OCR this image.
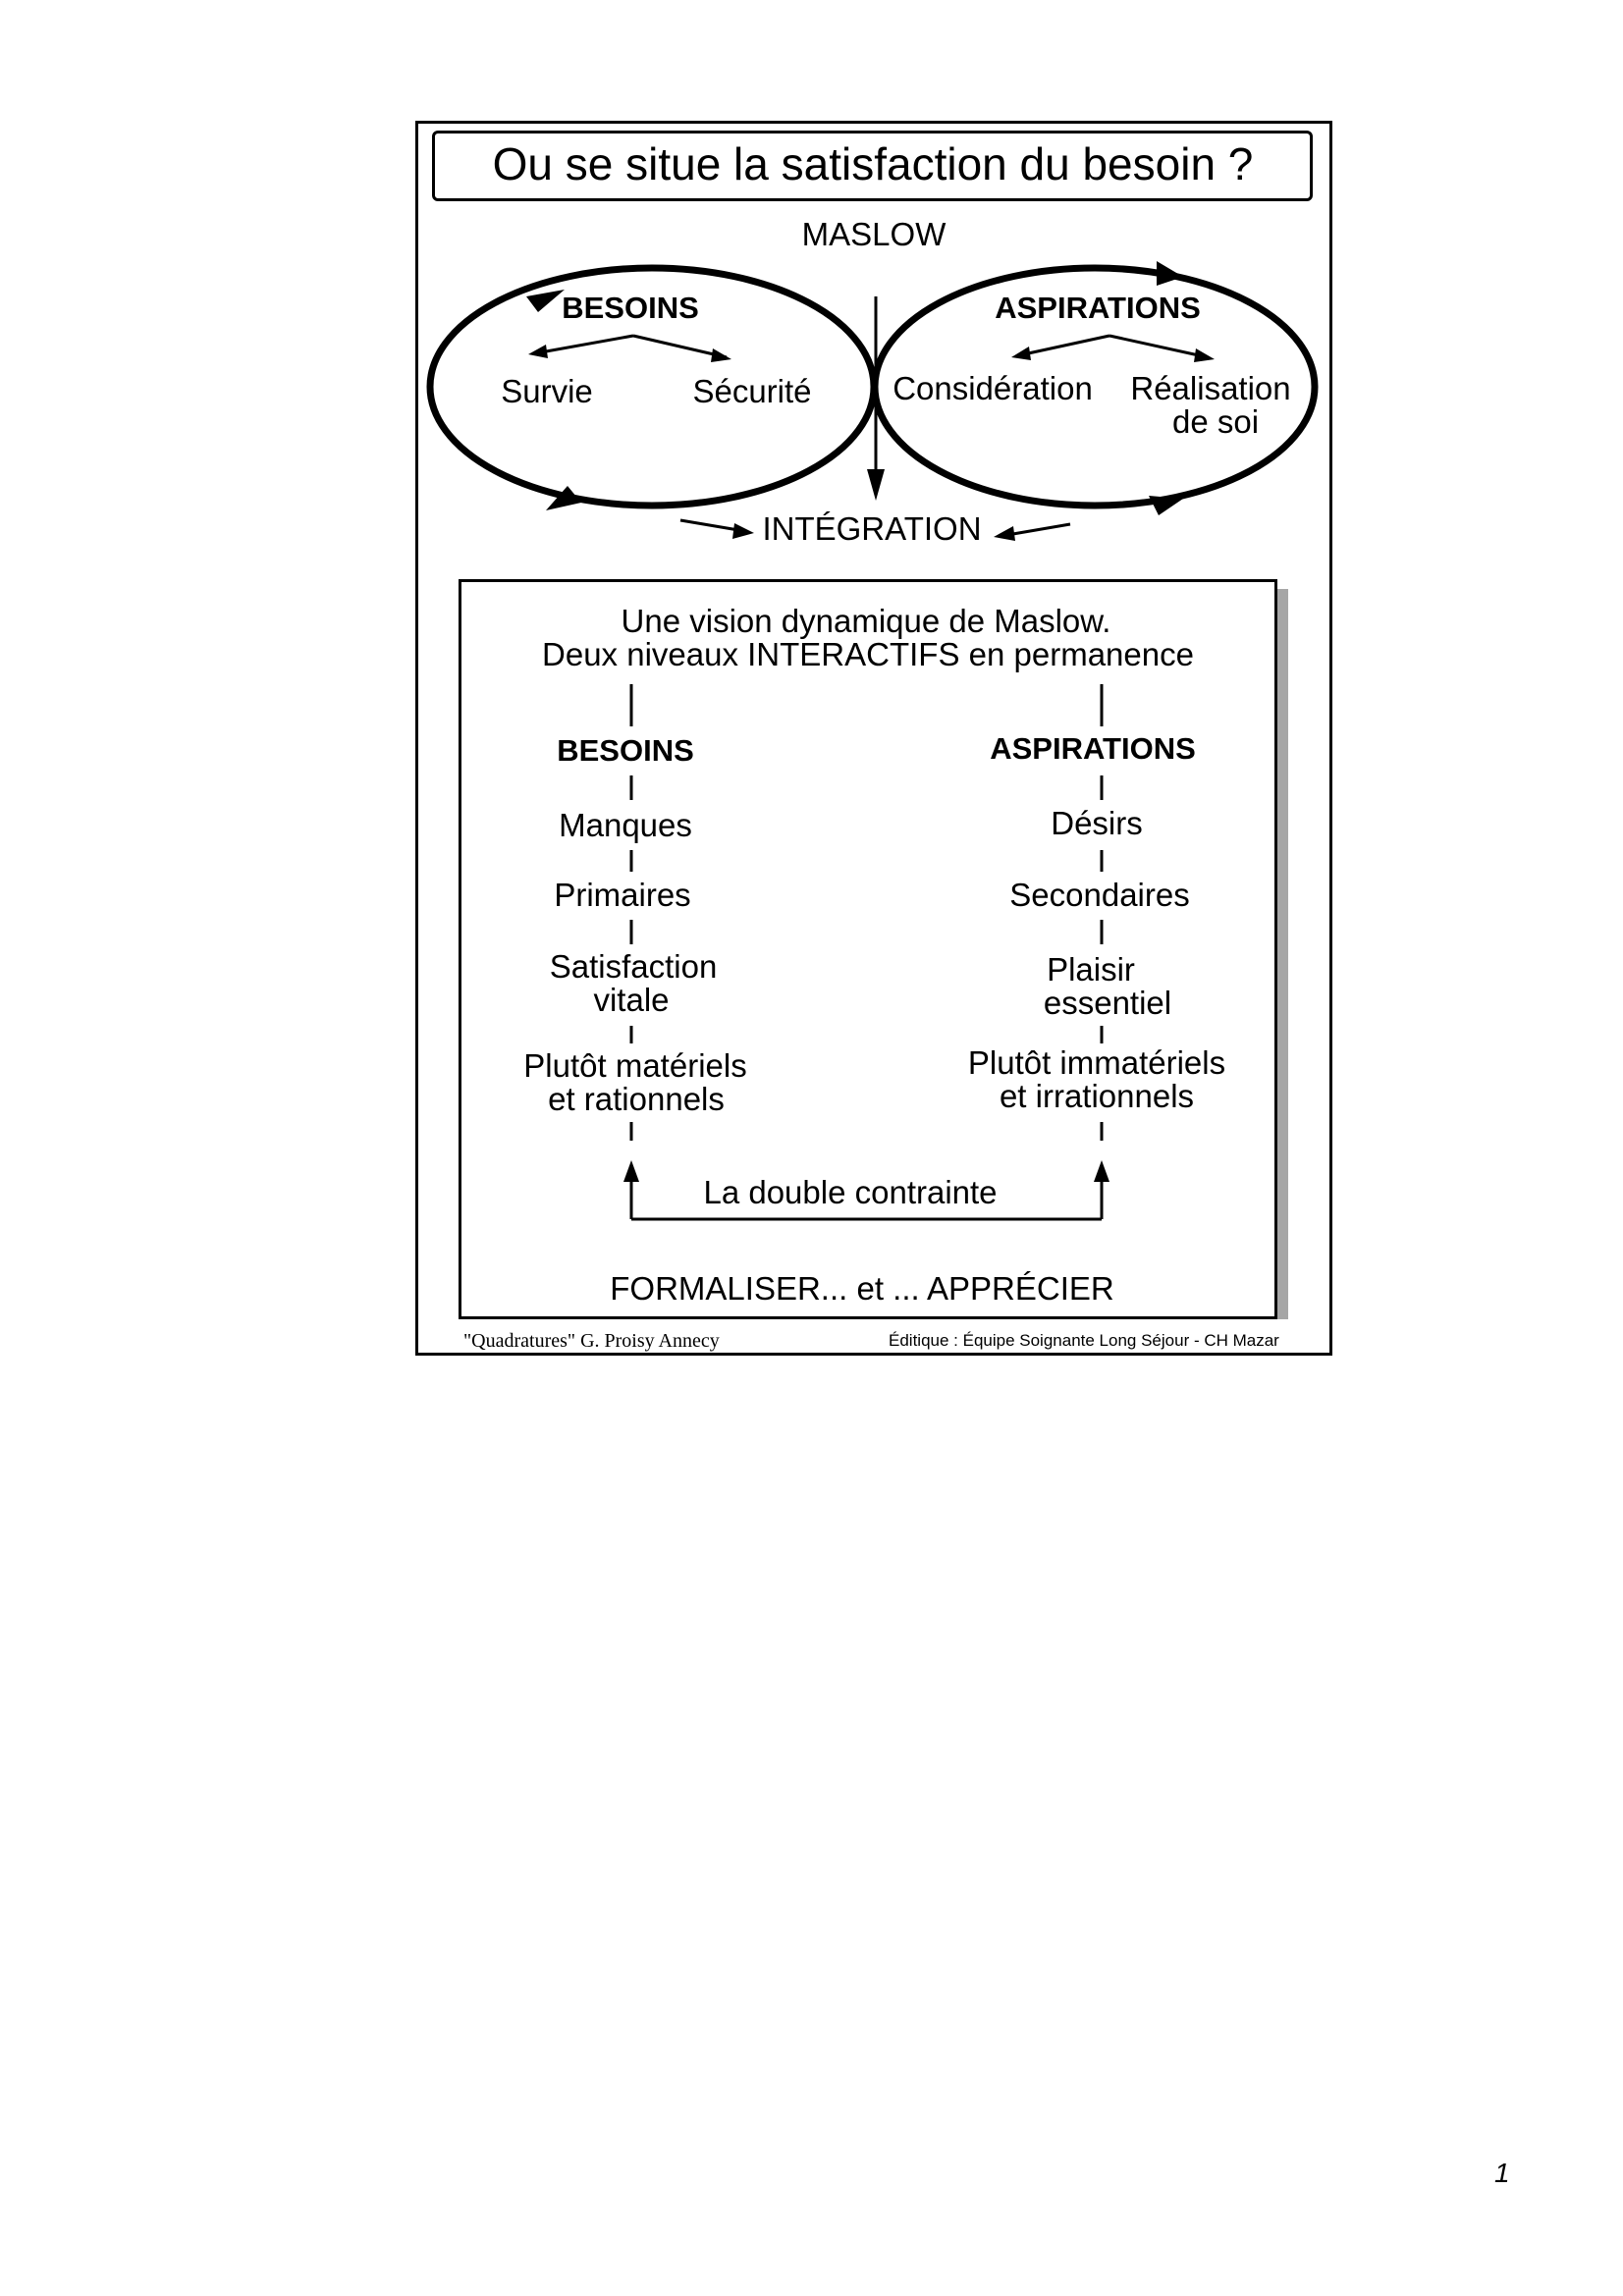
Ou se situe la satisfaction du besoin ?
MASLOW
BESOINS
Survie	Sécurité
ASPIRATIONS
Considération Réalisation
de soi
INTÉGRATION
Une vision dynamique de Maslow.
Deux niveaux INTERACTIFS en permanence
BESOINS
Manques
Primaires
Satisfaction
vitale
Plutôt matériels
et rationnels
ASPIRATIONS
Désirs
Secondaires
Plaisir
essentiel
Plutôt immatériels
et irrationnels
La double contrainte
FORMALISER... et ... APPRÉCIER
"Quadratures" G. Proisy Annecy	Éditique : Équipe Soignante Long Séjour - CH Mazar
1
